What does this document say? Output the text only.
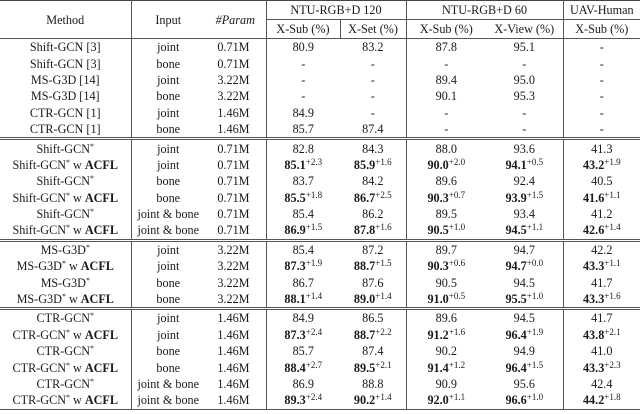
Method	Input	#Param	NTU-RGB+D 120		NTU-RGB+D 60		UAV-Human
			X-Sub (%)	X-Set (%)	X-Sub (%)	X-View (%)	X-Sub (%)
Shift-GCN [3]	joint	0.71M	80.9	83.2	87.8	95.1	-
Shift-GCN [3]	bone	0.71M	-	-	-	-	-
MS-G3D [14]	joint	3.22M	-	-	89.4	95.0	-
MS-G3D [14]	bone	3.22M	-	-	90.1	95.3	-
CTR-GCN [1]	joint	1.46M	84.9	-	-	-	-
CTR-GCN [1]	bone	1.46M	85.7	87.4	-	-	-
Shift-GCN*	joint	0.71M	82.8	84.3	88.0	93.6	41.3
Shift-GCN* w ACFL	joint	0.71M	$85.1^{+2.3}$	$85.9^{+1.6}$	$90.0^{+2.0}$	$94.1^{+0.5}$	$43.2^{+1.9}$
Shift-GCN*	bone	0.71M	83.7	84.2	89.6	92.4	40.5
Shift-GCN* w ACFL	bone	0.71M	$85.5^{+1.8}$	$86.7^{+2.5}$	$90.3^{+0.7}$	$93.9^{+1.5}$	$41.6^{+1.1}$
Shift-GCN*	joint & bone	0.71M	85.4	86.2	89.5	93.4	41.2
Shift-GCN* w ACFL	joint & bone	0.71M	$86.9^{+1.5}$	$87.8^{+1.6}$	$90.5^{+1.0}$	$94.5^{+1.1}$	$42.6^{+1.4}$
MS-G3D*	joint	3.22M	85.4	87.2	89.7	94.7	42.2
MS-G3D* w ACFL	joint	3.22M	$87.3^{+1.9}$	$88.7^{+1.5}$	$90.3^{+0.6}$	$94.7^{+0.0}$	$43.3^{+1.1}$
MS-G3D*	bone	3.22M	86.7	87.6	90.5	94.5	41.7
MS-G3D* w ACFL	bone	3.22M	$88.1^{+1.4}$	$89.0^{+1.4}$	$91.0^{+0.5}$	$95.5^{+1.0}$	$43.3^{+1.6}$
CTR-GCN*	joint	1.46M	84.9	86.5	89.6	94.5	41.7
CTR-GCN* w ACFL	joint	1.46M	$87.3^{+2.4}$	$88.7^{+2.2}$	$91.2^{+1.6}$	$96.4^{+1.9}$	$43.8^{+2.1}$
CTR-GCN*	bone	1.46M	85.7	87.4	90.2	94.9	41.0
CTR-GCN* w ACFL	bone	1.46M	$88.4^{+2.7}$	$89.5^{+2.1}$	$91.4^{+1.2}$	$96.4^{+1.5}$	$43.3^{+2.3}$
CTR-GCN*	joint & bone	1.46M	86.9	88.8	90.9	95.6	42.4
CTR-GCN* w ACFL	joint & bone	1.46M	$89.3^{+2.4}$	$90.2^{+1.4}$	$92.0^{+1.1}$	$96.6^{+1.0}$	$44.2^{+1.8}$
